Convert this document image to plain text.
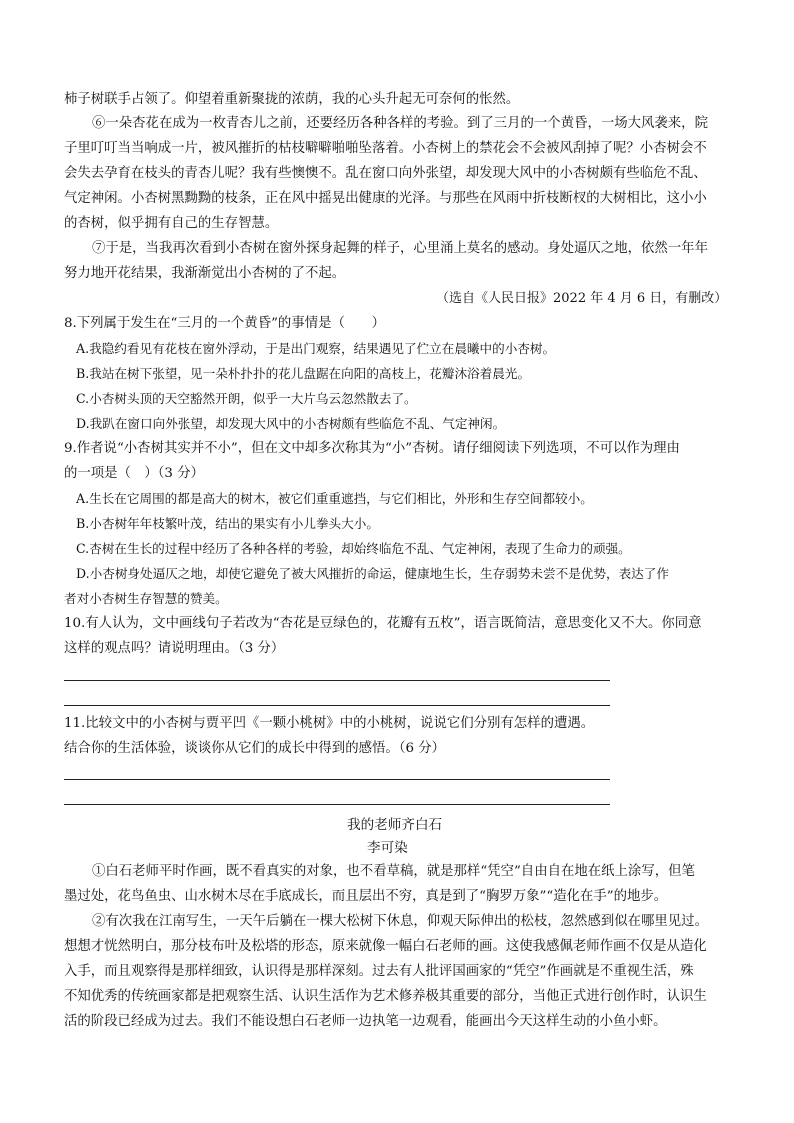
柿子树联手占领了。仰望着重新聚拢的浓荫，我的心头升起无可奈何的怅然。
⑥一朵杏花在成为一枚青杏儿之前，还要经历各种各样的考验。到了三月的一个黄昏，一场大风袭来，院
子里叮叮当当响成一片，被风摧折的枯枝噼噼啪啪坠落着。小杏树上的禁花会不会被风刮掉了呢？小杏树会不
会失去孕育在枝头的青杏儿呢？我有些懊懊不。乱在窗口向外张望，却发现大风中的小杏树颇有些临危不乱、
气定神闲。小杏树黑黝黝的枝条，正在风中摇晃出健康的光泽。与那些在风雨中折枝断杈的大树相比，这小小
的杏树，似乎拥有自己的生存智慧。
⑦于是，当我再次看到小杏树在窗外探身起舞的样子，心里涌上莫名的感动。身处逼仄之地，依然一年年
努力地开花结果，我渐渐觉出小杏树的了不起。
（选自《人民日报》2022 年 4 月 6 日，有删改）
8.下列属于发生在“三月的一个黄昏”的事情是（　　）
A.我隐约看见有花枝在窗外浮动，于是出门观察，结果遇见了伫立在晨曦中的小杏树。
B.我站在树下张望，见一朵朴扑扑的花儿盘踞在向阳的高枝上，花瓣沐浴着晨光。
C.小杏树头顶的天空豁然开朗，似乎一大片乌云忽然散去了。
D.我趴在窗口向外张望，却发现大风中的小杏树颇有些临危不乱、气定神闲。
9.作者说“小杏树其实并不小”，但在文中却多次称其为“小”杏树。请仔细阅读下列选项，不可以作为理由
的一项是（　）（3 分）
A.生长在它周围的都是高大的树木，被它们重重遮挡，与它们相比，外形和生存空间都较小。
B.小杏树年年枝繁叶茂，结出的果实有小儿拳头大小。
C.杏树在生长的过程中经历了各种各样的考验，却始终临危不乱、气定神闲，表现了生命力的顽强。
D.小杏树身处逼仄之地，却使它避免了被大风摧折的命运，健康地生长，生存弱势未尝不是优势，表达了作
者对小杏树生存智慧的赞美。
10.有人认为，文中画线句子若改为“杏花是豆绿色的，花瓣有五枚”，语言既简洁，意思变化又不大。你同意
这样的观点吗？请说明理由。（3 分）
11.比较文中的小杏树与贾平凹《一颗小桃树》中的小桃树，说说它们分别有怎样的遭遇。
结合你的生活体验，谈谈你从它们的成长中得到的感悟。（6 分）
我的老师齐白石
李可染
①白石老师平时作画，既不看真实的对象，也不看草稿，就是那样“凭空”自由自在地在纸上涂写，但笔
墨过处，花鸟鱼虫、山水树木尽在手底成长，而且层出不穷，真是到了“胸罗万象”“造化在手”的地步。
②有次我在江南写生，一天午后躺在一棵大松树下休息，仰观天际伸出的松枝，忽然感到似在哪里见过。
想想才恍然明白，那分枝布叶及松塔的形态，原来就像一幅白石老师的画。这使我感佩老师作画不仅是从造化
入手，而且观察得是那样细致，认识得是那样深刻。过去有人批评国画家的“凭空”作画就是不重视生活，殊
不知优秀的传统画家都是把观察生活、认识生活作为艺术修养极其重要的部分，当他正式进行创作时，认识生
活的阶段已经成为过去。我们不能设想白石老师一边执笔一边观看，能画出今天这样生动的小鱼小虾。
